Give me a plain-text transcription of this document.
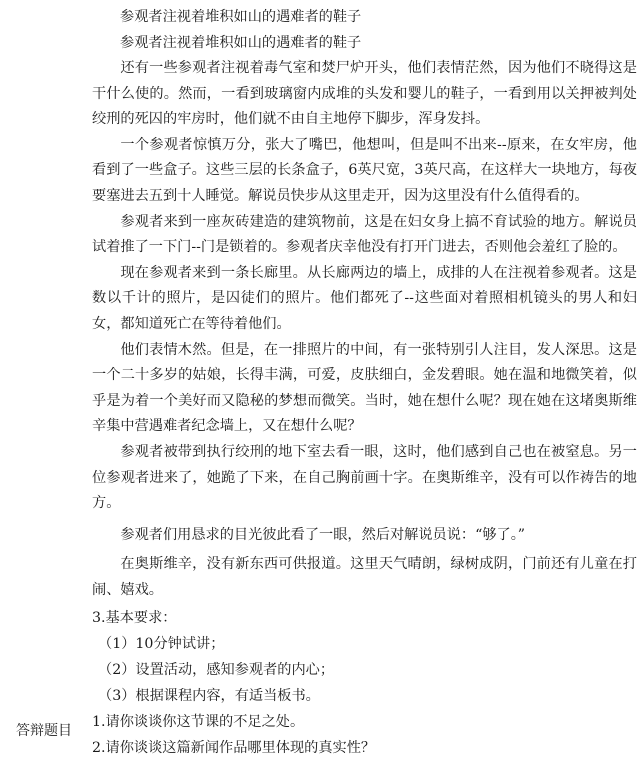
参观者注视着堆积如山的遇难者的鞋子
参观者注视着堆积如山的遇难者的鞋子
还有一些参观者注视着毒气室和焚尸炉开头，他们表情茫然，因为他们不晓得这是干什么使的。然而，一看到玻璃窗内成堆的头发和婴儿的鞋子，一看到用以关押被判处绞刑的死囚的牢房时，他们就不由自主地停下脚步，浑身发抖。
一个参观者惊慎万分，张大了嘴巴，他想叫，但是叫不出来--原来，在女牢房，他看到了一些盒子。这些三层的长条盒子，6英尺宽，3英尺高，在这样大一块地方，每夜要塞进去五到十人睡觉。解说员快步从这里走开，因为这里没有什么值得看的。
参观者来到一座灰砖建造的建筑物前，这是在妇女身上搞不育试验的地方。解说员试着推了一下门--门是锁着的。参观者庆幸他没有打开门进去，否则他会羞红了脸的。
现在参观者来到一条长廊里。从长廊两边的墙上，成排的人在注视着参观者。这是数以千计的照片，是囚徒们的照片。他们都死了--这些面对着照相机镜头的男人和妇女，都知道死亡在等待着他们。
他们表情木然。但是，在一排照片的中间，有一张特别引人注目，发人深思。这是一个二十多岁的姑娘，长得丰满，可爱，皮肤细白，金发碧眼。她在温和地微笑着，似乎是为着一个美好而又隐秘的梦想而微笑。当时，她在想什么呢？现在她在这堵奥斯维辛集中营遇难者纪念墙上，又在想什么呢？
参观者被带到执行绞刑的地下室去看一眼，这时，他们感到自己也在被窒息。另一位参观者进来了，她跪了下来，在自己胸前画十字。在奥斯维辛，没有可以作祷告的地方。
参观者们用恳求的目光彼此看了一眼，然后对解说员说：“够了。”
在奥斯维辛，没有新东西可供报道。这里天气晴朗，绿树成阴，门前还有儿童在打闹、嬉戏。
3.基本要求：
（1）10分钟试讲；
（2）设置活动，感知参观者的内心；
（3）根据课程内容，有适当板书。
1.请你谈谈你这节课的不足之处。
2.请你谈谈这篇新闻作品哪里体现的真实性？
答辩题目
